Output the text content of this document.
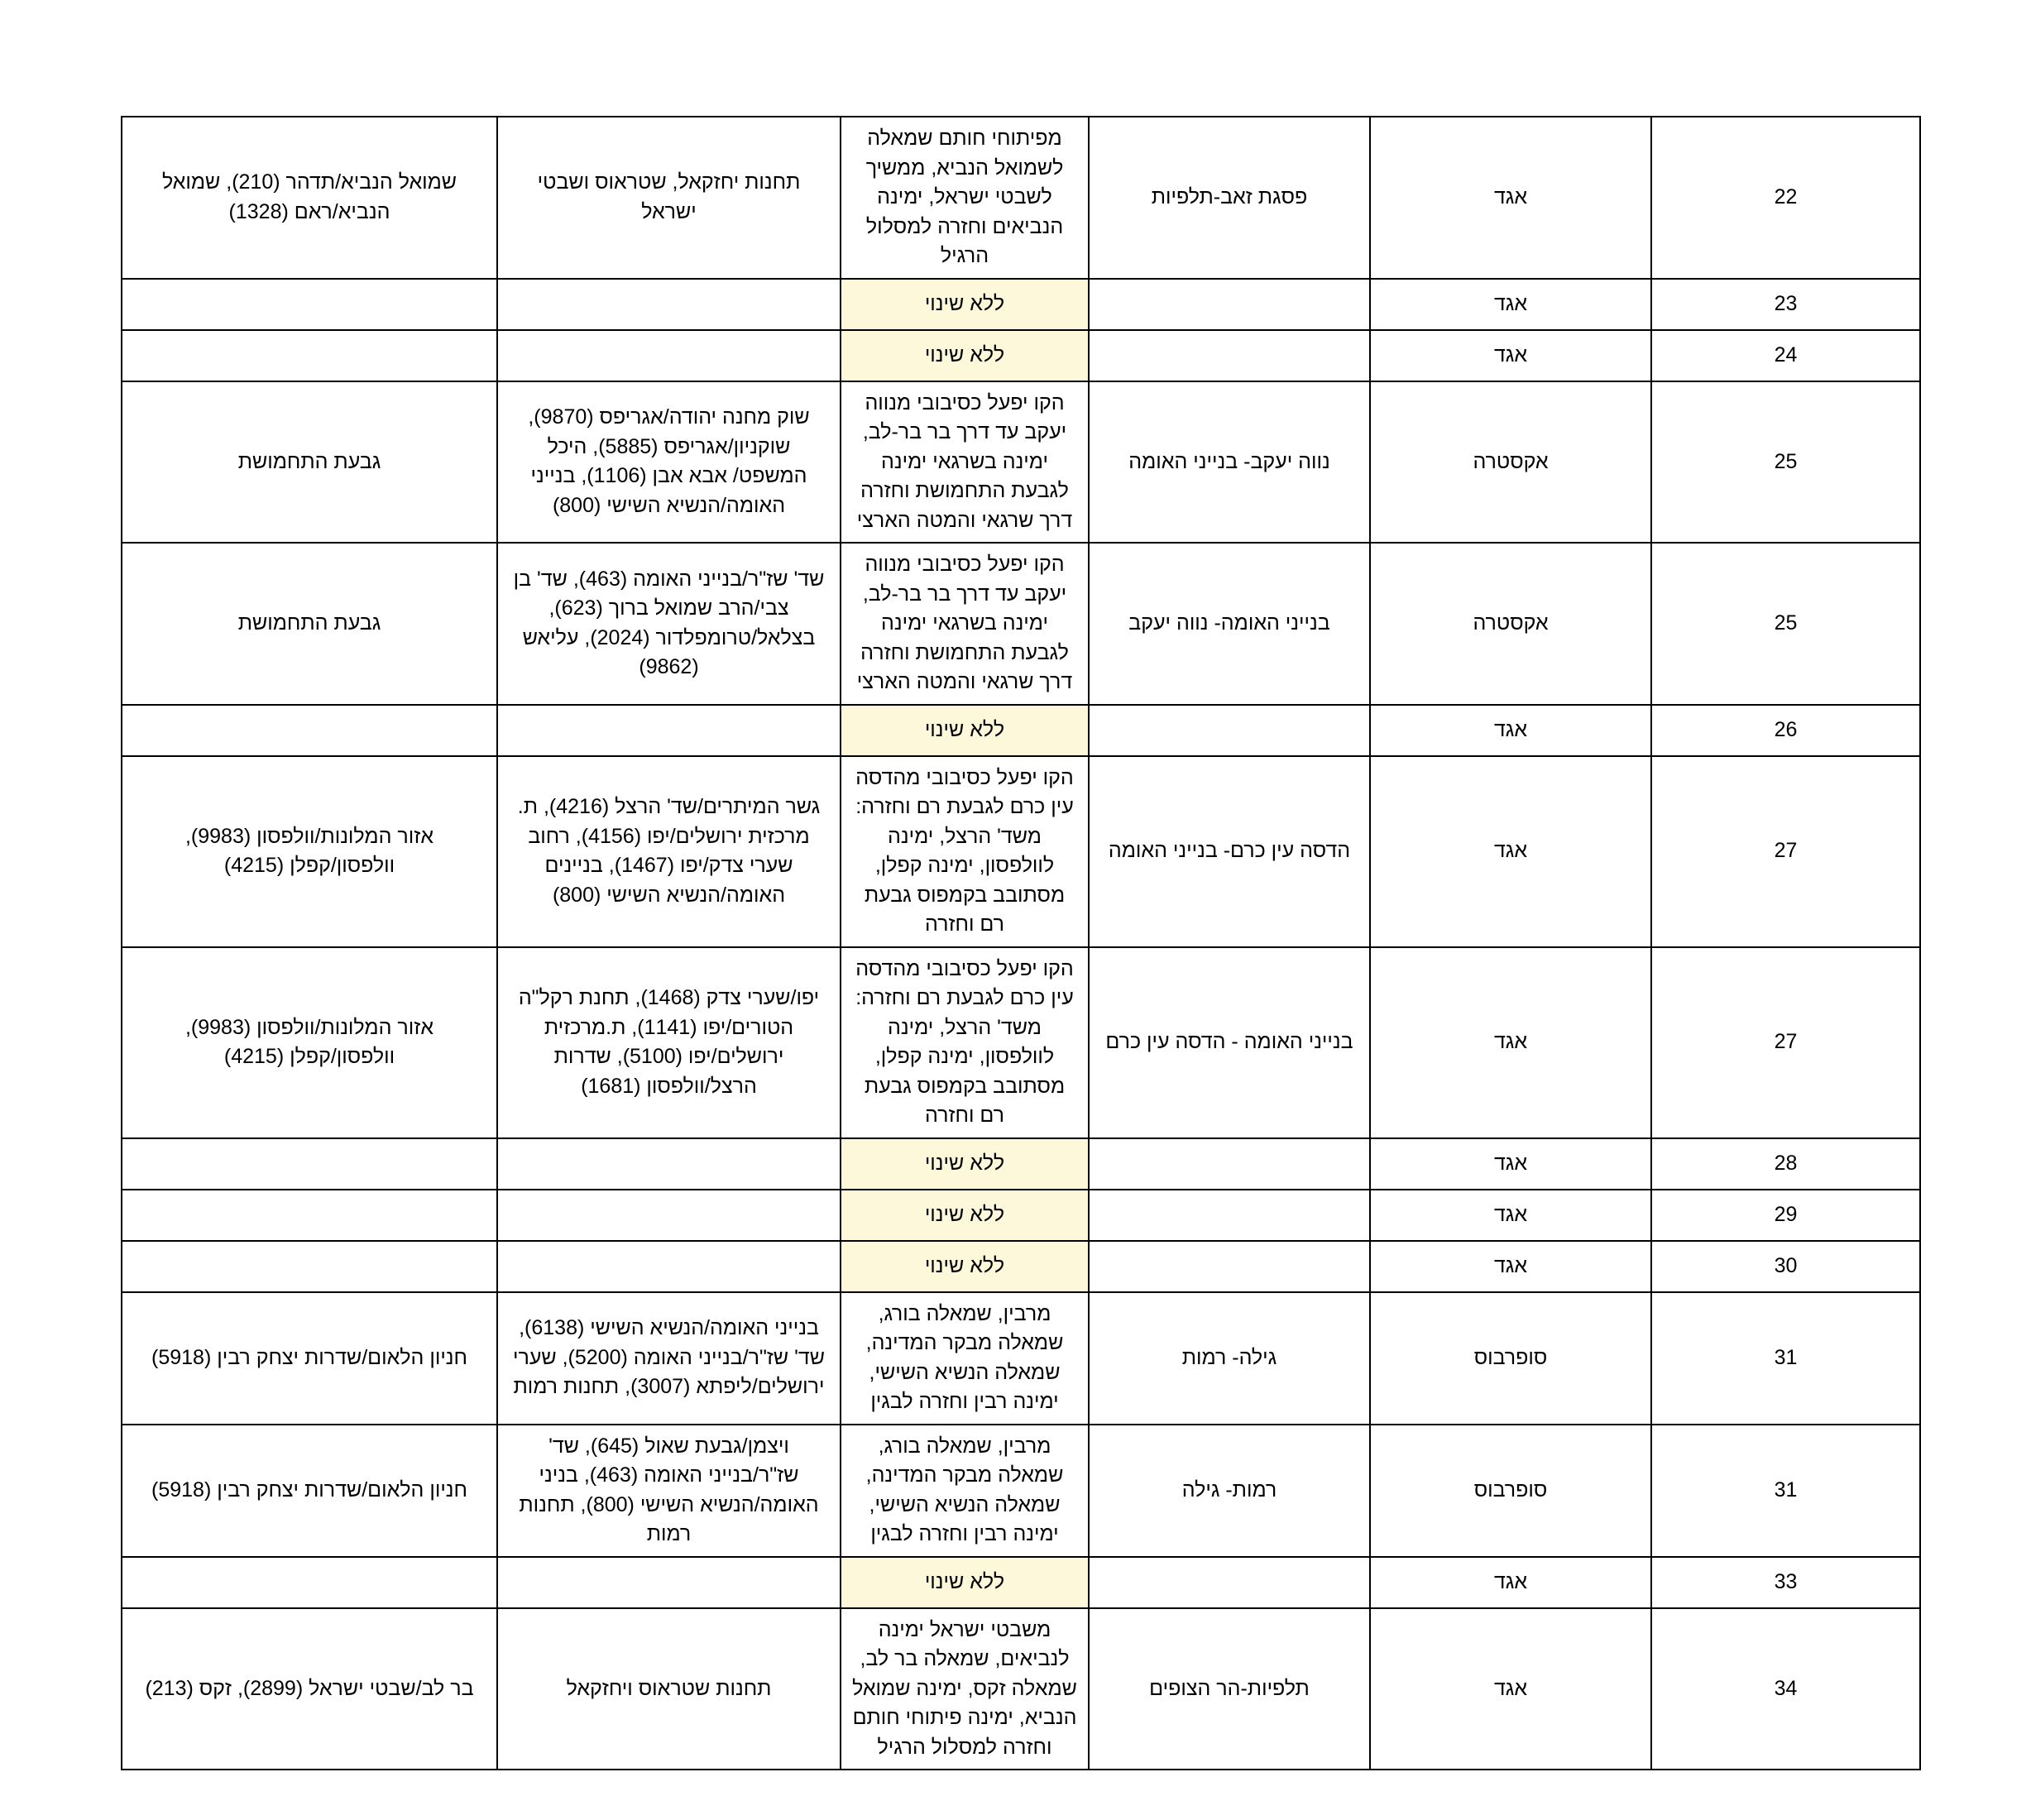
22	אגד	פסגת זאב-תלפיות	מפיתוחי חותם שמאלה לשמואל הנביא, ממשיך לשבטי ישראל, ימינה הנביאים וחזרה למסלול הרגיל	תחנות יחזקאל, שטראוס ושבטי ישראל	שמואל הנביא/תדהר (210), שמואל הנביא/ראם (1328)
23	אגד		ללא שינוי	

24	אגד		ללא שינוי	

25	אקסטרה	נווה יעקב- בנייני האומה	הקו יפעל כסיבובי מנווה יעקב עד דרך בר בר-לב, ימינה בשרגאי ימינה לגבעת התחמושת וחזרה דרך שרגאי והמטה הארצי	שוק מחנה יהודה/אגריפס (9870), שוקניון/אגריפס (5885), היכל המשפט/ אבא אבן (1106), בנייני האומה/הנשיא השישי (800)	גבעת התחמושת
25	אקסטרה	בנייני האומה- נווה יעקב	הקו יפעל כסיבובי מנווה יעקב עד דרך בר בר-לב, ימינה בשרגאי ימינה לגבעת התחמושת וחזרה דרך שרגאי והמטה הארצי	שד' שז"ר/בנייני האומה (463), שד' בן צבי/הרב שמואל ברוך (623), בצלאל/טרומפלדור (2024), עליאש (9862)	גבעת התחמושת
26	אגד		ללא שינוי	

27	אגד	הדסה עין כרם- בנייני האומה	הקו יפעל כסיבובי מהדסה עין כרם לגבעת רם וחזרה: משד' הרצל, ימינה לוולפסון, ימינה קפלן, מסתובב בקמפוס גבעת רם וחזרה	גשר המיתרים/שד' הרצל (4216), ת. מרכזית ירושלים/יפו (4156), רחוב שערי צדק/יפו (1467), בניינים האומה/הנשיא השישי (800)	אזור המלונות/וולפסון (9983), וולפסון/קפלן (4215)
27	אגד	בנייני האומה - הדסה עין כרם	הקו יפעל כסיבובי מהדסה עין כרם לגבעת רם וחזרה: משד' הרצל, ימינה לוולפסון, ימינה קפלן, מסתובב בקמפוס גבעת רם וחזרה	יפו/שערי צדק (1468), תחנת רקל"ה הטורים/יפו (1141), ת.מרכזית ירושלים/יפו (5100), שדרות הרצל/וולפסון (1681)	אזור המלונות/וולפסון (9983), וולפסון/קפלן (4215)
28	אגד		ללא שינוי	

29	אגד		ללא שינוי	

30	אגד		ללא שינוי	

31	סופרבוס	גילה- רמות	מרבין, שמאלה בורג, שמאלה מבקר המדינה, שמאלה הנשיא השישי, ימינה רבין וחזרה לבגין	בנייני האומה/הנשיא השישי (6138), שד' שז"ר/בנייני האומה (5200), שערי ירושלים/ליפתא (3007), תחנות רמות	חניון הלאום/שדרות יצחק רבין (5918)
31	סופרבוס	רמות- גילה	מרבין, שמאלה בורג, שמאלה מבקר המדינה, שמאלה הנשיא השישי, ימינה רבין וחזרה לבגין	ויצמן/גבעת שאול (645), שד' שז"ר/בנייני האומה (463), בניני האומה/הנשיא השישי (800), תחנות רמות	חניון הלאום/שדרות יצחק רבין (5918)
33	אגד		ללא שינוי	

34	אגד	תלפיות-הר הצופים	משבטי ישראל ימינה לנביאים, שמאלה בר לב, שמאלה זקס, ימינה שמואל הנביא, ימינה פיתוחי חותם וחזרה למסלול הרגיל	תחנות שטראוס ויחזקאל	בר לב/שבטי ישראל (2899), זקס (213)
